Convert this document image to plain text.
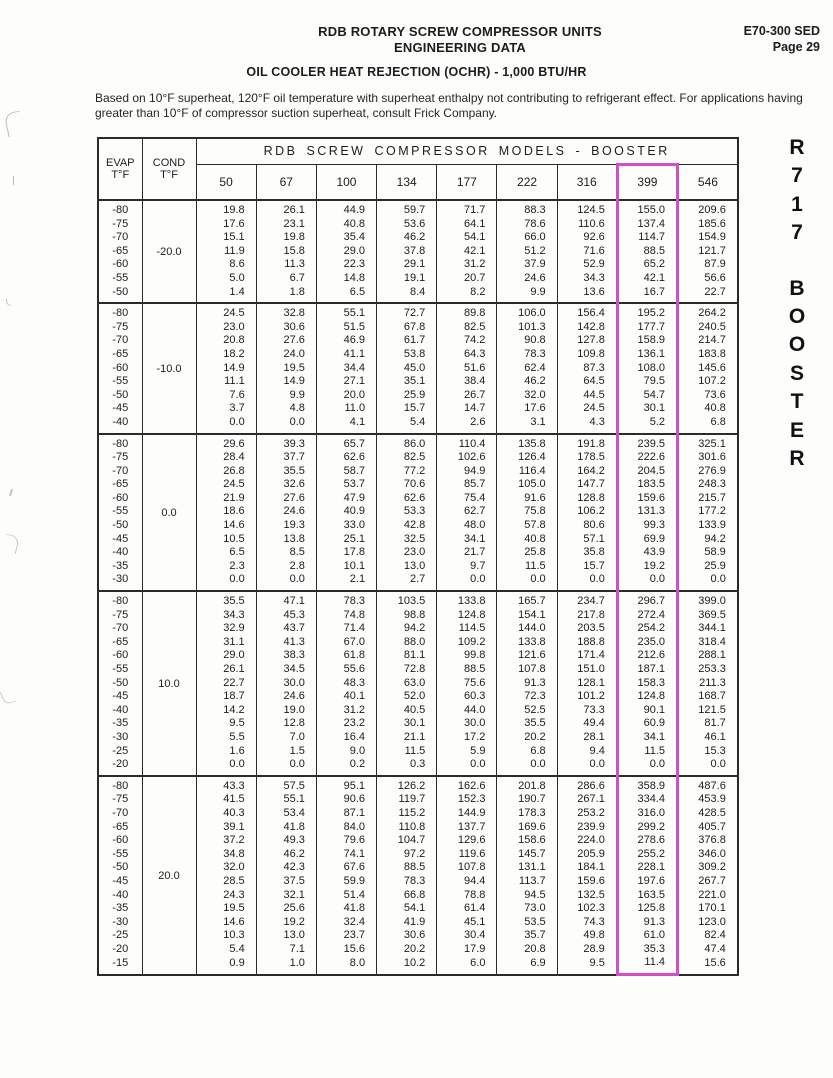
RDB ROTARY SCREW COMPRESSOR UNITS
ENGINEERING DATA
E70-300 SED
Page 29
OIL COOLER HEAT REJECTION (OCHR) - 1,000 BTU/HR

Based on 10°F superheat, 120°F oil temperature with superheat enthalpy not contributing to refrigerant effect. For applications having greater than 10°F of compressor suction superheat, consult Frick Company.

EVAP
T°F

COND
T°F
	RDB SCREW COMPRESSOR MODELS - BOOSTER
		50	67	100	134	177	222	316	399	546
-80	-20.0	19.8	26.1	44.9	59.7	71.7	88.3	124.5	155.0	209.6
-75		17.6	23.1	40.8	53.6	64.1	78.6	110.6	137.4	185.6
-70		15.1	19.8	35.4	46.2	54.1	66.0	92.6	114.7	154.9
-65		11.9	15.8	29.0	37.8	42.1	51.2	71.6	88.5	121.7
-60		8.6	11.3	22.3	29.1	31.2	37.9	52.9	65.2	87.9
-55		5.0	6.7	14.8	19.1	20.7	24.6	34.3	42.1	56.6
-50		1.4	1.8	6.5	8.4	8.2	9.9	13.6	16.7	22.7
-80	-10.0	24.5	32.8	55.1	72.7	89.8	106.0	156.4	195.2	264.2
-75		23.0	30.6	51.5	67.8	82.5	101.3	142.8	177.7	240.5
-70		20.8	27.6	46.9	61.7	74.2	90.8	127.8	158.9	214.7
-65		18.2	24.0	41.1	53.8	64.3	78.3	109.8	136.1	183.8
-60		14.9	19.5	34.4	45.0	51.6	62.4	87.3	108.0	145.6
-55		11.1	14.9	27.1	35.1	38.4	46.2	64.5	79.5	107.2
-50		7.6	9.9	20.0	25.9	26.7	32.0	44.5	54.7	73.6
-45		3.7	4.8	11.0	15.7	14.7	17.6	24.5	30.1	40.8
-40		0.0	0.0	4.1	5.4	2.6	3.1	4.3	5.2	6.8
-80	0.0	29.6	39.3	65.7	86.0	110.4	135.8	191.8	239.5	325.1
-75		28.4	37.7	62.6	82.5	102.6	126.4	178.5	222.6	301.6
-70		26.8	35.5	58.7	77.2	94.9	116.4	164.2	204.5	276.9
-65		24.5	32.6	53.7	70.6	85.7	105.0	147.7	183.5	248.3
-60		21.9	27.6	47.9	62.6	75.4	91.6	128.8	159.6	215.7
-55		18.6	24.6	40.9	53.3	62.7	75.8	106.2	131.3	177.2
-50		14.6	19.3	33.0	42.8	48.0	57.8	80.6	99.3	133.9
-45		10.5	13.8	25.1	32.5	34.1	40.8	57.1	69.9	94.2
-40		6.5	8.5	17.8	23.0	21.7	25.8	35.8	43.9	58.9
-35		2.3	2.8	10.1	13.0	9.7	11.5	15.7	19.2	25.9
-30		0.0	0.0	2.1	2.7	0.0	0.0	0.0	0.0	0.0
-80	10.0	35.5	47.1	78.3	103.5	133.8	165.7	234.7	296.7	399.0
-75		34.3	45.3	74.8	98.8	124.8	154.1	217.8	272.4	369.5
-70		32.9	43.7	71.4	94.2	114.5	144.0	203.5	254.2	344.1
-65		31.1	41.3	67.0	88.0	109.2	133.8	188.8	235.0	318.4
-60		29.0	38.3	61.8	81.1	99.8	121.6	171.4	212.6	288.1
-55		26.1	34.5	55.6	72.8	88.5	107.8	151.0	187.1	253.3
-50		22.7	30.0	48.3	63.0	75.6	91.3	128.1	158.3	211.3
-45		18.7	24.6	40.1	52.0	60.3	72.3	101.2	124.8	168.7
-40		14.2	19.0	31.2	40.5	44.0	52.5	73.3	90.1	121.5
-35		9.5	12.8	23.2	30.1	30.0	35.5	49.4	60.9	81.7
-30		5.5	7.0	16.4	21.1	17.2	20.2	28.1	34.1	46.1
-25		1.6	1.5	9.0	11.5	5.9	6.8	9.4	11.5	15.3
-20		0.0	0.0	0.2	0.3	0.0	0.0	0.0	0.0	0.0
-80	20.0	43.3	57.5	95.1	126.2	162.6	201.8	286.6	358.9	487.6
-75		41.5	55.1	90.6	119.7	152.3	190.7	267.1	334.4	453.9
-70		40.3	53.4	87.1	115.2	144.9	178.3	253.2	316.0	428.5
-65		39.1	41.8	84.0	110.8	137.7	169.6	239.9	299.2	405.7
-60		37.2	49.3	79.6	104.7	129.6	158.6	224.0	278.6	376.8
-55		34.8	46.2	74.1	97.2	119.6	145.7	205.9	255.2	346.0
-50		32.0	42.3	67.6	88.5	107.8	131.1	184.1	228.1	309.2
-45		28.5	37.5	59.9	78.3	94.4	113.7	159.6	197.6	267.7
-40		24.3	32.1	51.4	66.8	78.8	94.5	132.5	163.5	221.0
-35		19.5	25.6	41.8	54.1	61.4	73.0	102.3	125.8	170.1
-30		14.6	19.2	32.4	41.9	45.1	53.5	74.3	91.3	123.0
-25		10.3	13.0	23.7	30.6	30.4	35.7	49.8	61.0	82.4
-20		5.4	7.1	15.6	20.2	17.9	20.8	28.9	35.3	47.4
-15		0.9	1.0	8.0	10.2	6.0	6.9	9.5	11.4	15.6
R
7
1
7
B
O
O
S
T
E
R
